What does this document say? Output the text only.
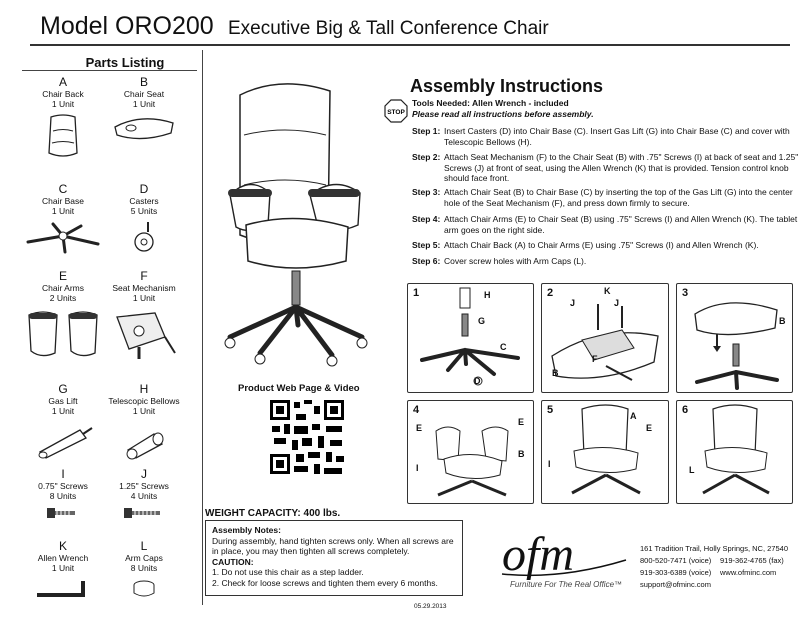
Model ORO200 Executive Big & Tall Conference Chair
Parts Listing
A
Chair Back
1 Unit
B
Chair Seat
1 Unit
C
Chair Base
1 Unit
D
Casters
5 Units
E
Chair Arms
2 Units
F
Seat Mechanism
1 Unit
G
Gas Lift
1 Unit
H
Telescopic Bellows
1 Unit
I
0.75" Screws
8 Units
J
1.25" Screws
4 Units
K
Allen Wrench
1 Unit
L
Arm Caps
8 Units
Assembly Instructions
STOP
Tools Needed: Allen Wrench - included
Please read all instructions before assembly.
Step 1: Insert Casters (D) into Chair Base (C). Insert Gas Lift (G) into Chair Base (C) and cover with Telescopic Bellows (H).
Step 2: Attach Seat Mechanism (F) to the Chair Seat (B) with .75" Screws (I) at back of seat and 1.25" Screws (J) at front of seat, using the Allen Wrench (K) that is provided. Tension control knob should face front.
Step 3: Attach Chair Seat (B) to Chair Base (C) by inserting the top of the Gas Lift (G) into the center hole of the Seat Mechanism (F), and press down firmly to secure.
Step 4: Attach Chair Arms (E) to Chair Seat (B) using .75" Screws (I) and Allen Wrench (K). The tablet arm goes on the right side.
Step 5: Attach Chair Back (A) to Chair Arms (E) using .75" Screws (I) and Allen Wrench (K).
Step 6: Cover screw holes with Arm Caps (L).
1	H
G
C
D
2
J
K
J
F
B
3
B
4
E
E
B
I
5	A
E
I
6
L
Product Web Page & Video
WEIGHT CAPACITY: 400 lbs.
Assembly Notes:
During assembly, hand tighten screws only. When all screws are in place, you may then tighten all screws completely.
CAUTION:
1. Do not use this chair as a step ladder.
2. Check for loose screws and tighten them every 6 months.
05.29.2013
ofm
Furniture For The Real Office™
161 Tradition Trail, Holly Springs, NC, 27540
800-520-7471 (voice) 919-362-4765 (fax)
919-303-6389 (voice) www.ofminc.com
support@ofminc.com
